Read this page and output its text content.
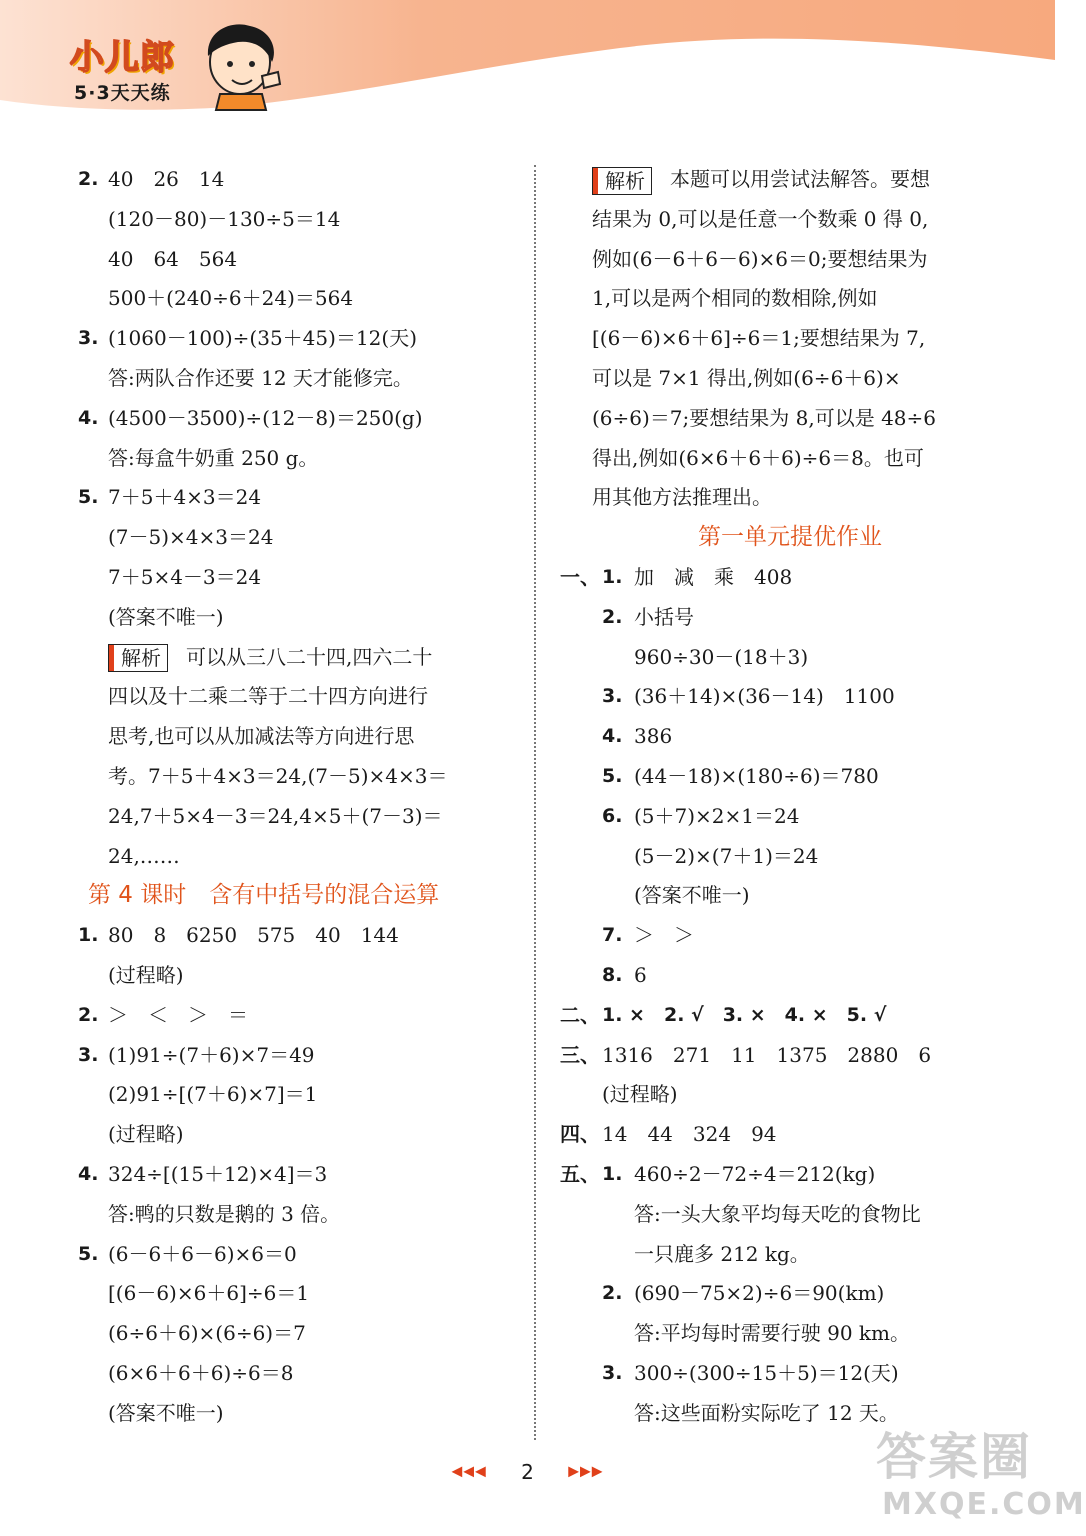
小儿郎
5·3天天练
2. 40　26　14
(120－80)－130÷5＝14
40　64　564
500＋(240÷6＋24)＝564
3. (1060－100)÷(35＋45)＝12(天)
答:两队合作还要 12 天才能修完。
4. (4500－3500)÷(12－8)＝250(g)
答:每盒牛奶重 250 g。
5. 7＋5＋4×3＝24
(7－5)×4×3＝24
7＋5×4－3＝24
(答案不唯一)
解析 可以从三八二十四,四六二十
四以及十二乘二等于二十四方向进行
思考,也可以从加减法等方向进行思
考。7＋5＋4×3＝24,(7－5)×4×3＝
24,7＋5×4－3＝24,4×5＋(7－3)＝
24,……
第 4 课时　含有中括号的混合运算
1. 80　8　6250　575　40　144
(过程略)
2. ＞　＜　＞　＝
3. (1)91÷(7＋6)×7＝49
(2)91÷[(7＋6)×7]＝1
(过程略)
4. 324÷[(15＋12)×4]＝3
答:鸭的只数是鹅的 3 倍。
5. (6－6＋6－6)×6＝0
[(6－6)×6＋6]÷6＝1
(6÷6＋6)×(6÷6)＝7
(6×6＋6＋6)÷6＝8
(答案不唯一)
解析 本题可以用尝试法解答。要想
结果为 0,可以是任意一个数乘 0 得 0,
例如(6－6＋6－6)×6＝0;要想结果为
1,可以是两个相同的数相除,例如
[(6－6)×6＋6]÷6＝1;要想结果为 7,
可以是 7×1 得出,例如(6÷6＋6)×
(6÷6)＝7;要想结果为 8,可以是 48÷6
得出,例如(6×6＋6＋6)÷6＝8。也可
用其他方法推理出。
第一单元提优作业
一、 1. 加　减　乘　408
2. 小括号
960÷30－(18＋3)
3. (36＋14)×(36－14)　1100
4. 386
5. (44－18)×(180÷6)＝780
6. (5＋7)×2×1＝24
(5－2)×(7＋1)＝24
(答案不唯一)
7. ＞　＞
8. 6
二、 1. ×　2. √　3. ×　4. ×　5. √
三、 1316　271　11　1375　2880　6
(过程略)
四、 14　44　324　94
五、 1. 460÷2－72÷4＝212(kg)
答:一头大象平均每天吃的食物比
一只鹿多 212 kg。
2. (690－75×2)÷6＝90(km)
答:平均每时需要行驶 90 km。
3. 300÷(300÷15＋5)＝12(天)
答:这些面粉实际吃了 12 天。
◀◀◀ 2 ▶▶▶	答案圈
MXQE.COM
